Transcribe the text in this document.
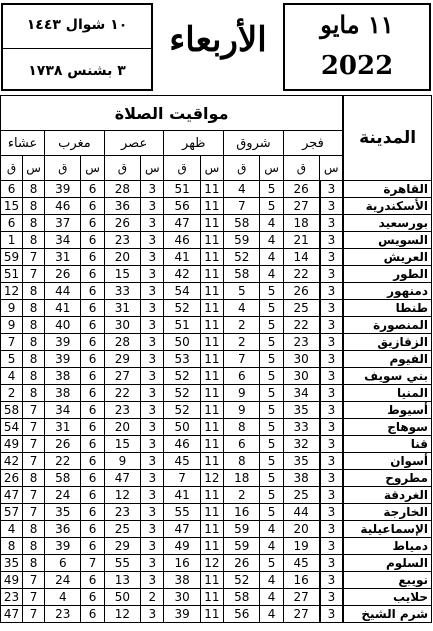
١٠ شوال ١٤٤٣
٣ بشنس ١٧٣٨
الأربعاء	١١ مايو
2022
مواقيت الصلاة												المدينة
عشاء		مغرب		عصر		ظهر		شروق		فجر		
ق	س	ق	س	ق	س	ق	س	ق	س	ق	س	
6	8	39	6	28	3	51	11	4	5	26	3	القاهرة
15	8	46	6	36	3	56	11	7	5	27	3	الأسكندرية
6	8	37	6	26	3	47	11	58	4	18	3	بورسعيد
1	8	34	6	23	3	46	11	59	4	21	3	السويس
59	7	31	6	20	3	41	11	52	4	14	3	العريش
51	7	26	6	15	3	42	11	58	4	22	3	الطور
12	8	44	6	33	3	54	11	5	5	26	3	دمنهور
9	8	41	6	31	3	52	11	4	5	25	3	طنطا
9	8	40	6	30	3	51	11	2	5	22	3	المنصورة
7	8	39	6	28	3	50	11	2	5	23	3	الزقازيق
5	8	39	6	29	3	53	11	7	5	30	3	الفيوم
4	8	38	6	27	3	52	11	6	5	30	3	بني سويف
2	8	38	6	22	3	52	11	9	5	34	3	المنيا
58	7	34	6	23	3	52	11	9	5	35	3	أسيوط
54	7	31	6	20	3	50	11	8	5	33	3	سوهاج
49	7	26	6	15	3	46	11	6	5	32	3	قنا
42	7	22	6	9	3	45	11	8	5	35	3	أسوان
26	8	58	6	47	3	7	12	18	5	38	3	مطروح
47	7	24	6	12	3	41	11	2	5	25	3	الغردقة
57	7	35	6	23	3	55	11	16	5	44	3	الخارجة
4	8	36	6	25	3	47	11	59	4	20	3	الإسماعيلية
8	8	39	6	29	3	49	11	59	4	19	3	دمياط
35	8	6	7	55	3	16	12	26	5	45	3	السلوم
49	7	24	6	13	3	38	11	52	4	16	3	نويبع
23	7	4	6	50	2	30	11	58	4	27	3	حلايب
47	7	23	6	12	3	39	11	56	4	27	3	شرم الشيخ
